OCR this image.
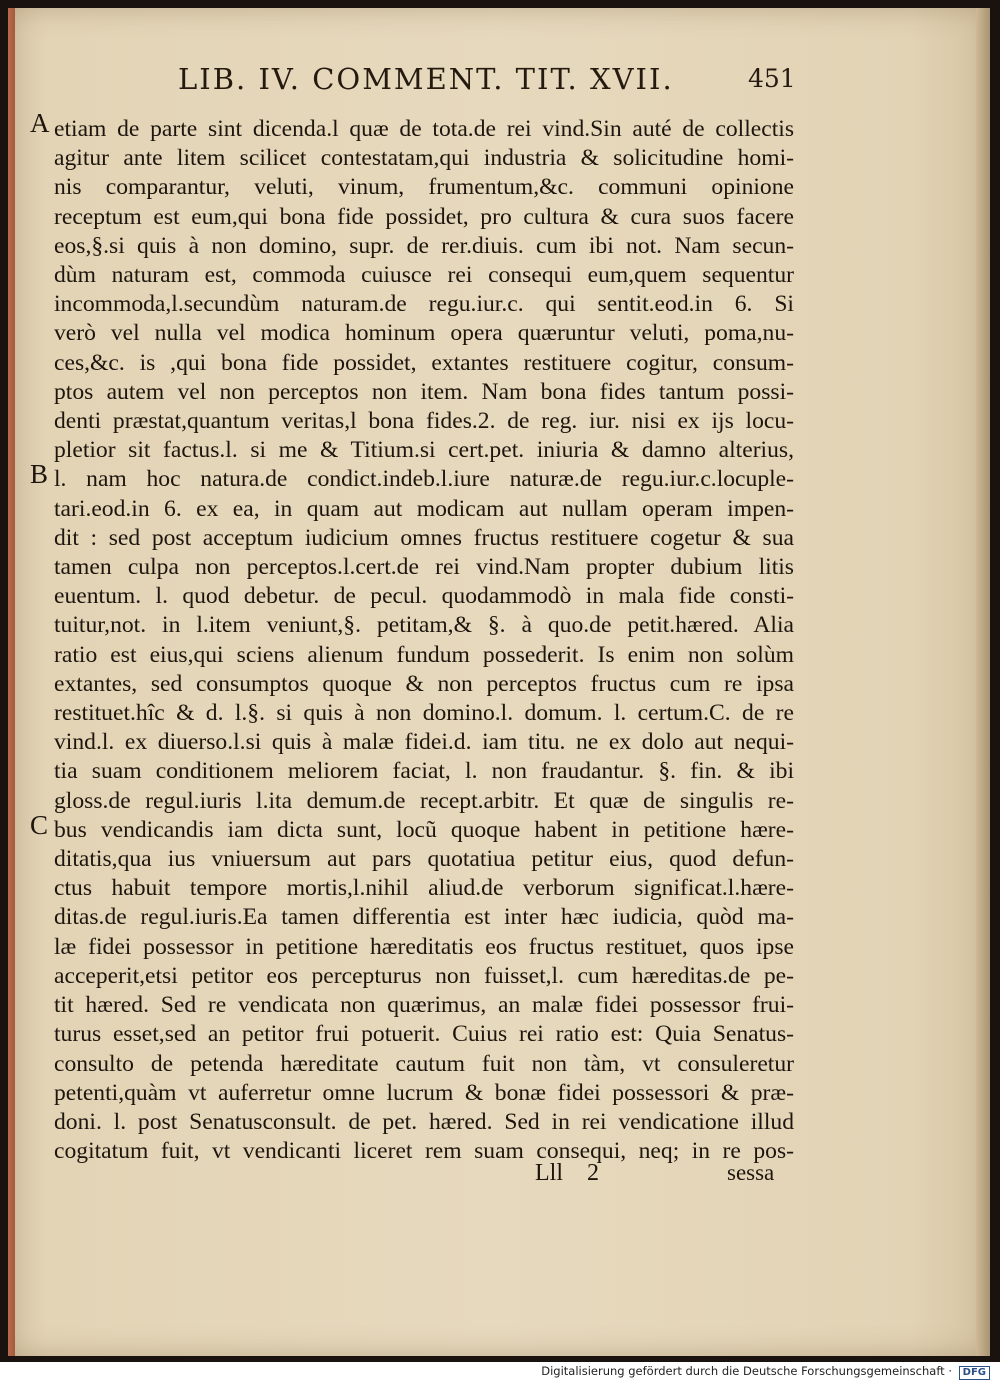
LIB. IV. COMMENT. TIT. XVII.	451
A
B
C
etiam de parte sint dicenda.l quæ de tota.de rei vind.Sin auté de collectis
agitur ante litem scilicet contestatam,qui industria & solicitudine homi-
nis comparantur, veluti, vinum, frumentum,&c. communi opinione
receptum est eum,qui bona fide possidet, pro cultura & cura suos facere
eos,§.si quis à non domino, supr. de rer.diuis. cum ibi not. Nam secun-
dùm naturam est, commoda cuiusce rei consequi eum,quem sequentur
incommoda,l.secundùm naturam.de regu.iur.c. qui sentit.eod.in 6. Si
verò vel nulla vel modica hominum opera quæruntur veluti, poma,nu-
ces,&c. is ,qui bona fide possidet, extantes restituere cogitur, consum-
ptos autem vel non perceptos non item. Nam bona fides tantum possi-
denti præstat,quantum veritas,l bona fides.2. de reg. iur. nisi ex ijs locu-
pletior sit factus.l. si me & Titium.si cert.pet. iniuria & damno alterius,
l. nam hoc natura.de condict.indeb.l.iure naturæ.de regu.iur.c.locuple-
tari.eod.in 6. ex ea, in quam aut modicam aut nullam operam impen-
dit : sed post acceptum iudicium omnes fructus restituere cogetur & sua
tamen culpa non perceptos.l.cert.de rei vind.Nam propter dubium litis
euentum. l. quod debetur. de pecul. quodammodò in mala fide consti-
tuitur,not. in l.item veniunt,§. petitam,& §. à quo.de petit.hæred. Alia
ratio est eius,qui sciens alienum fundum possederit. Is enim non solùm
extantes, sed consumptos quoque & non perceptos fructus cum re ipsa
restituet.hîc & d. l.§. si quis à non domino.l. domum. l. certum.C. de re
vind.l. ex diuerso.l.si quis à malæ fidei.d. iam titu. ne ex dolo aut nequi-
tia suam conditionem meliorem faciat, l. non fraudantur. §. fin. & ibi
gloss.de regul.iuris l.ita demum.de recept.arbitr. Et quæ de singulis re-
bus vendicandis iam dicta sunt, locũ quoque habent in petitione hære-
ditatis,qua ius vniuersum aut pars quotatiua petitur eius, quod defun-
ctus habuit tempore mortis,l.nihil aliud.de verborum significat.l.hære-
ditas.de regul.iuris.Ea tamen differentia est inter hæc iudicia, quòd ma-
læ fidei possessor in petitione hæreditatis eos fructus restituet, quos ipse
acceperit,etsi petitor eos percepturus non fuisset,l. cum hæreditas.de pe-
tit hæred. Sed re vendicata non quærimus, an malæ fidei possessor frui-
turus esset,sed an petitor frui potuerit. Cuius rei ratio est: Quia Senatus-
consulto de petenda hæreditate cautum fuit non tàm, vt consuleretur
petenti,quàm vt auferretur omne lucrum & bonæ fidei possessori & præ-
doni. l. post Senatusconsult. de pet. hæred. Sed in rei vendicatione illud
cogitatum fuit, vt vendicanti liceret rem suam consequi, neq; in re pos-
Lll 2	sessa
Digitalisierung gefördert durch die Deutsche Forschungsgemeinschaft · DFG
